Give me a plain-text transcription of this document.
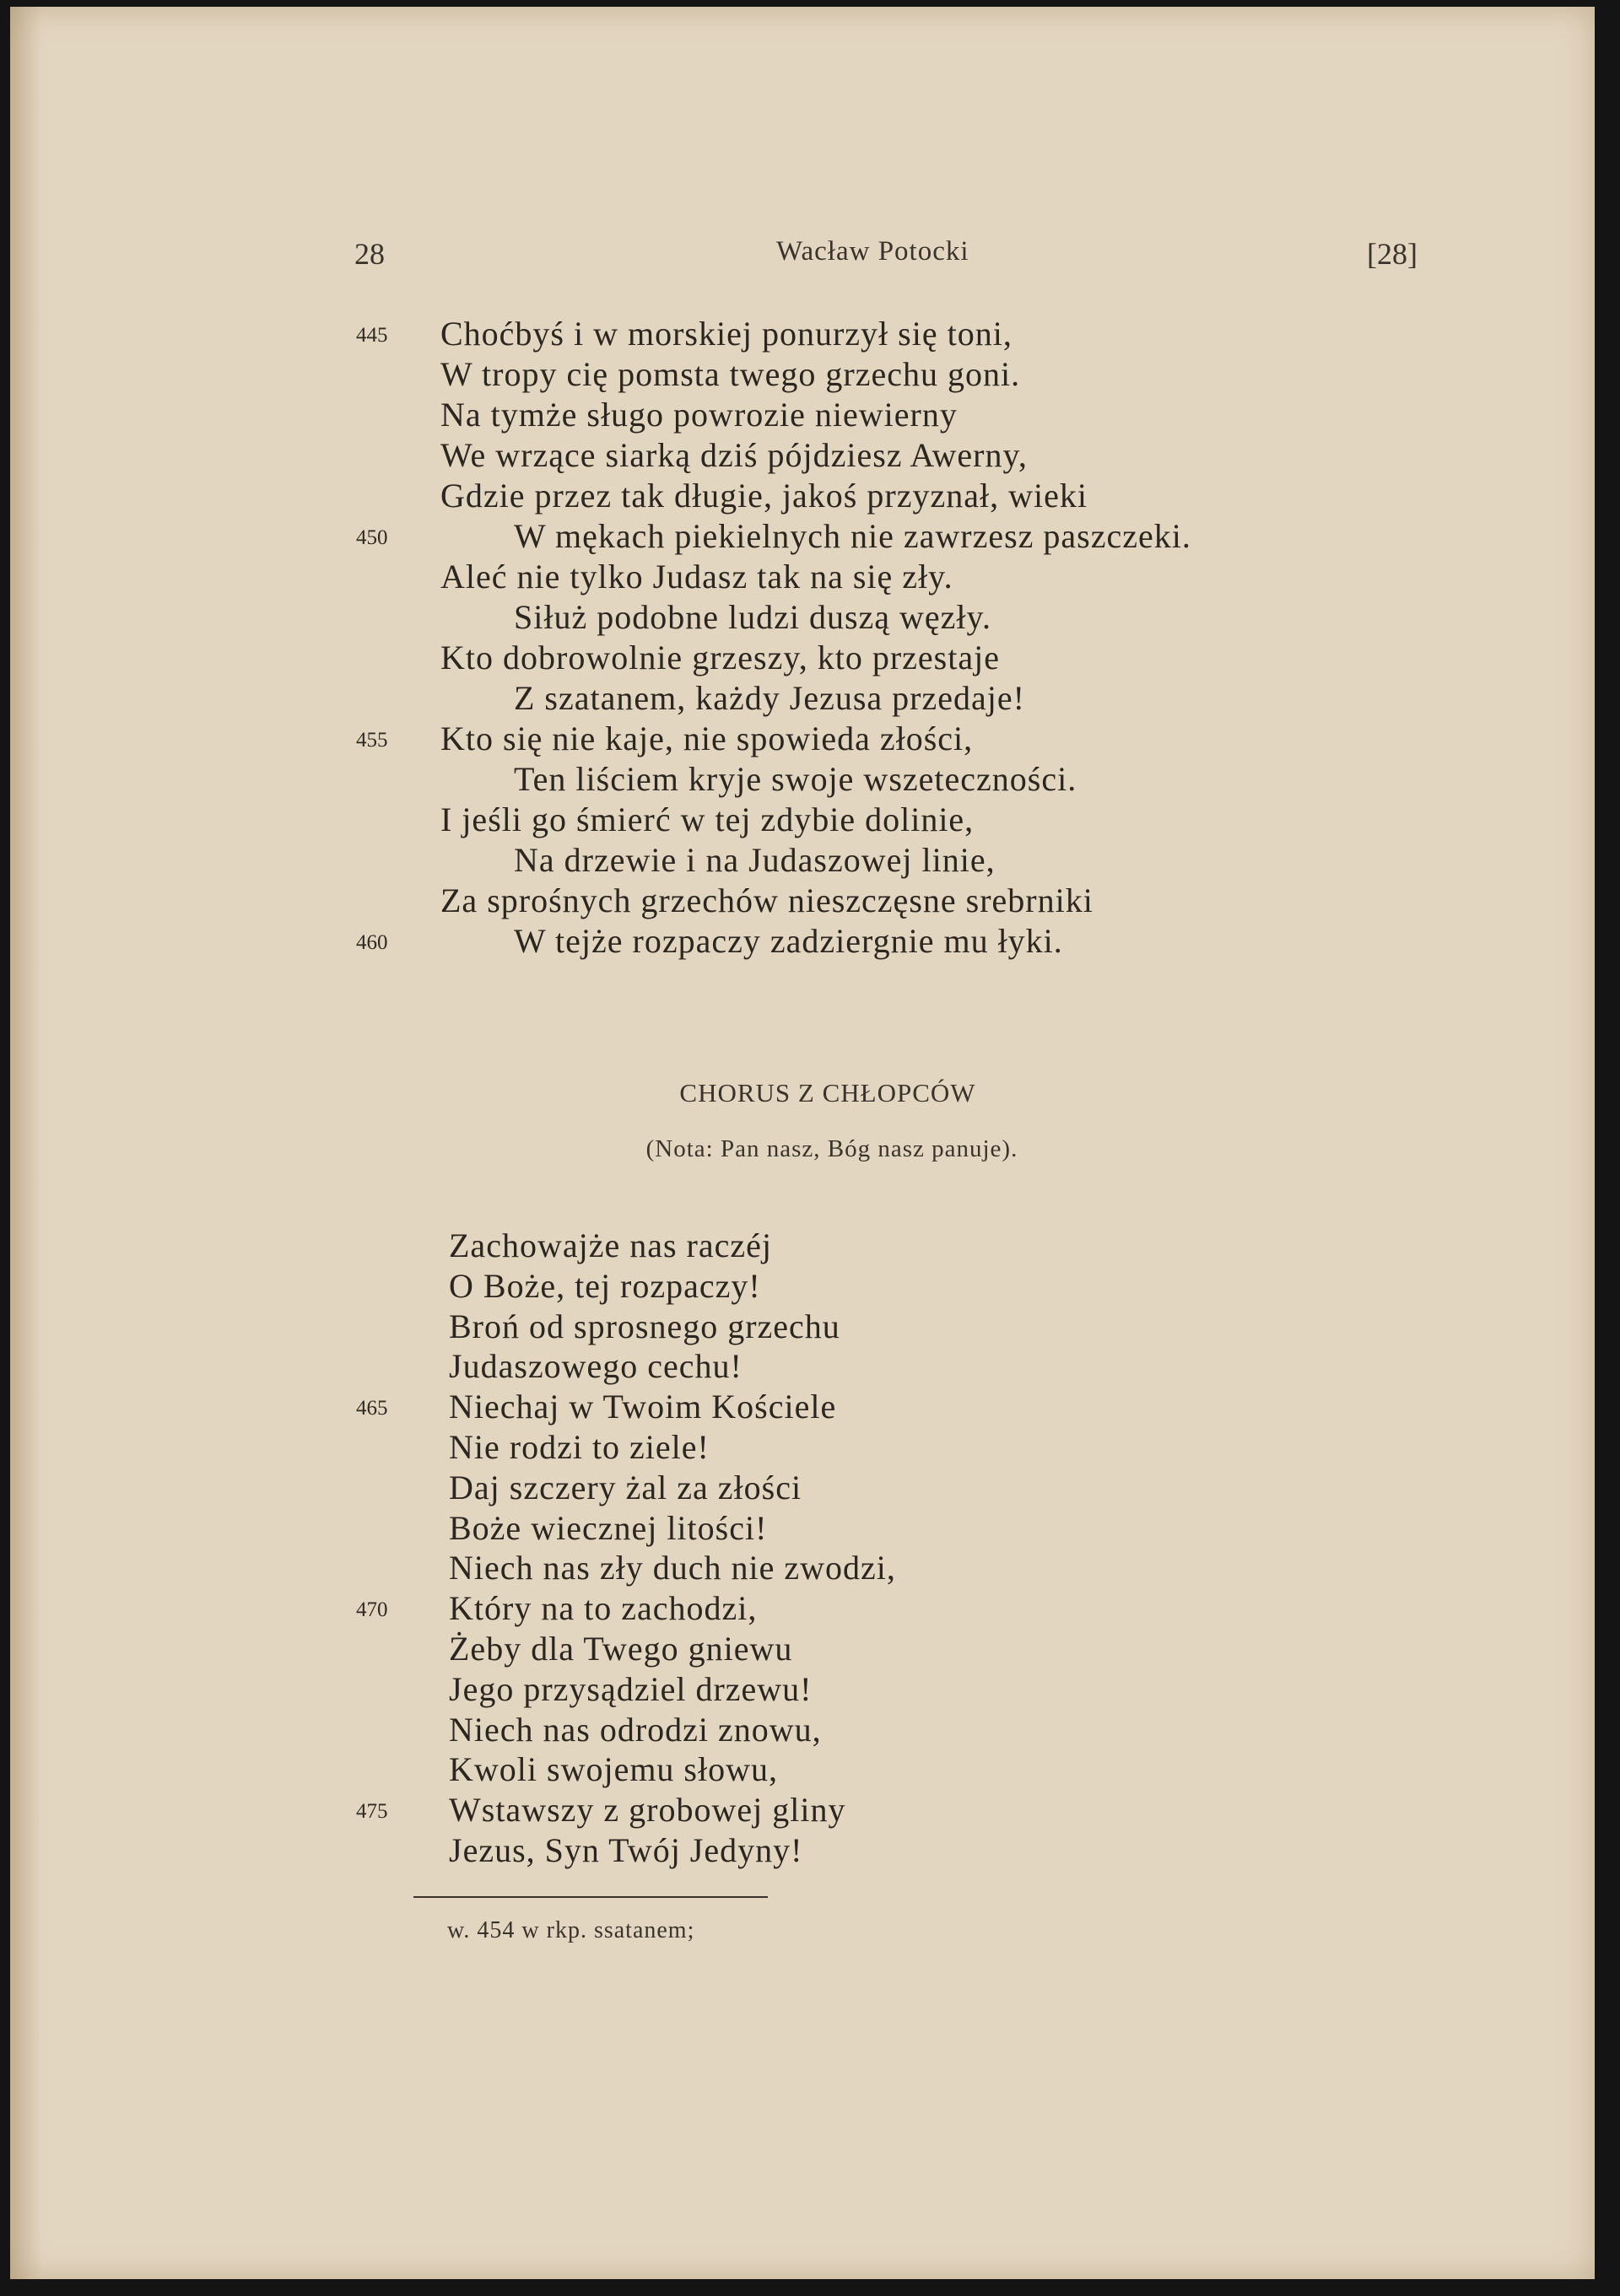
28	Wacław Potocki	[28]
445 Choćbyś i w morskiej ponurzył się toni,
W tropy cię pomsta twego grzechu goni.
Na tymże sługo powrozie niewierny
We wrzące siarką dziś pójdziesz Awerny,
Gdzie przez tak długie, jakoś przyznał, wieki
450	W mękach piekielnych nie zawrzesz paszczeki.
Aleć nie tylko Judasz tak na się zły.
Siłuż podobne ludzi duszą węzły.
Kto dobrowolnie grzeszy, kto przestaje
Z szatanem, każdy Jezusa przedaje!
455 Kto się nie kaje, nie spowieda złości,
Ten liściem kryje swoje wszeteczności.
I jeśli go śmierć w tej zdybie dolinie,
Na drzewie i na Judaszowej linie,
Za sprośnych grzechów nieszczęsne srebrniki
460	W tejże rozpaczy zadziergnie mu łyki.
CHORUS Z CHŁOPCÓW
(Nota: Pan nasz, Bóg nasz panuje).
Zachowajże nas raczéj
O Boże, tej rozpaczy!
Broń od sprosnego grzechu
Judaszowego cechu!
465 Niechaj w Twoim Kościele
Nie rodzi to ziele!
Daj szczery żal za złości
Boże wiecznej litości!
Niech nas zły duch nie zwodzi,
470 Który na to zachodzi,
Żeby dla Twego gniewu
Jego przysądziel drzewu!
Niech nas odrodzi znowu,
Kwoli swojemu słowu,
475 Wstawszy z grobowej gliny
Jezus, Syn Twój Jedyny!
w. 454 w rkp. ssatanem;
